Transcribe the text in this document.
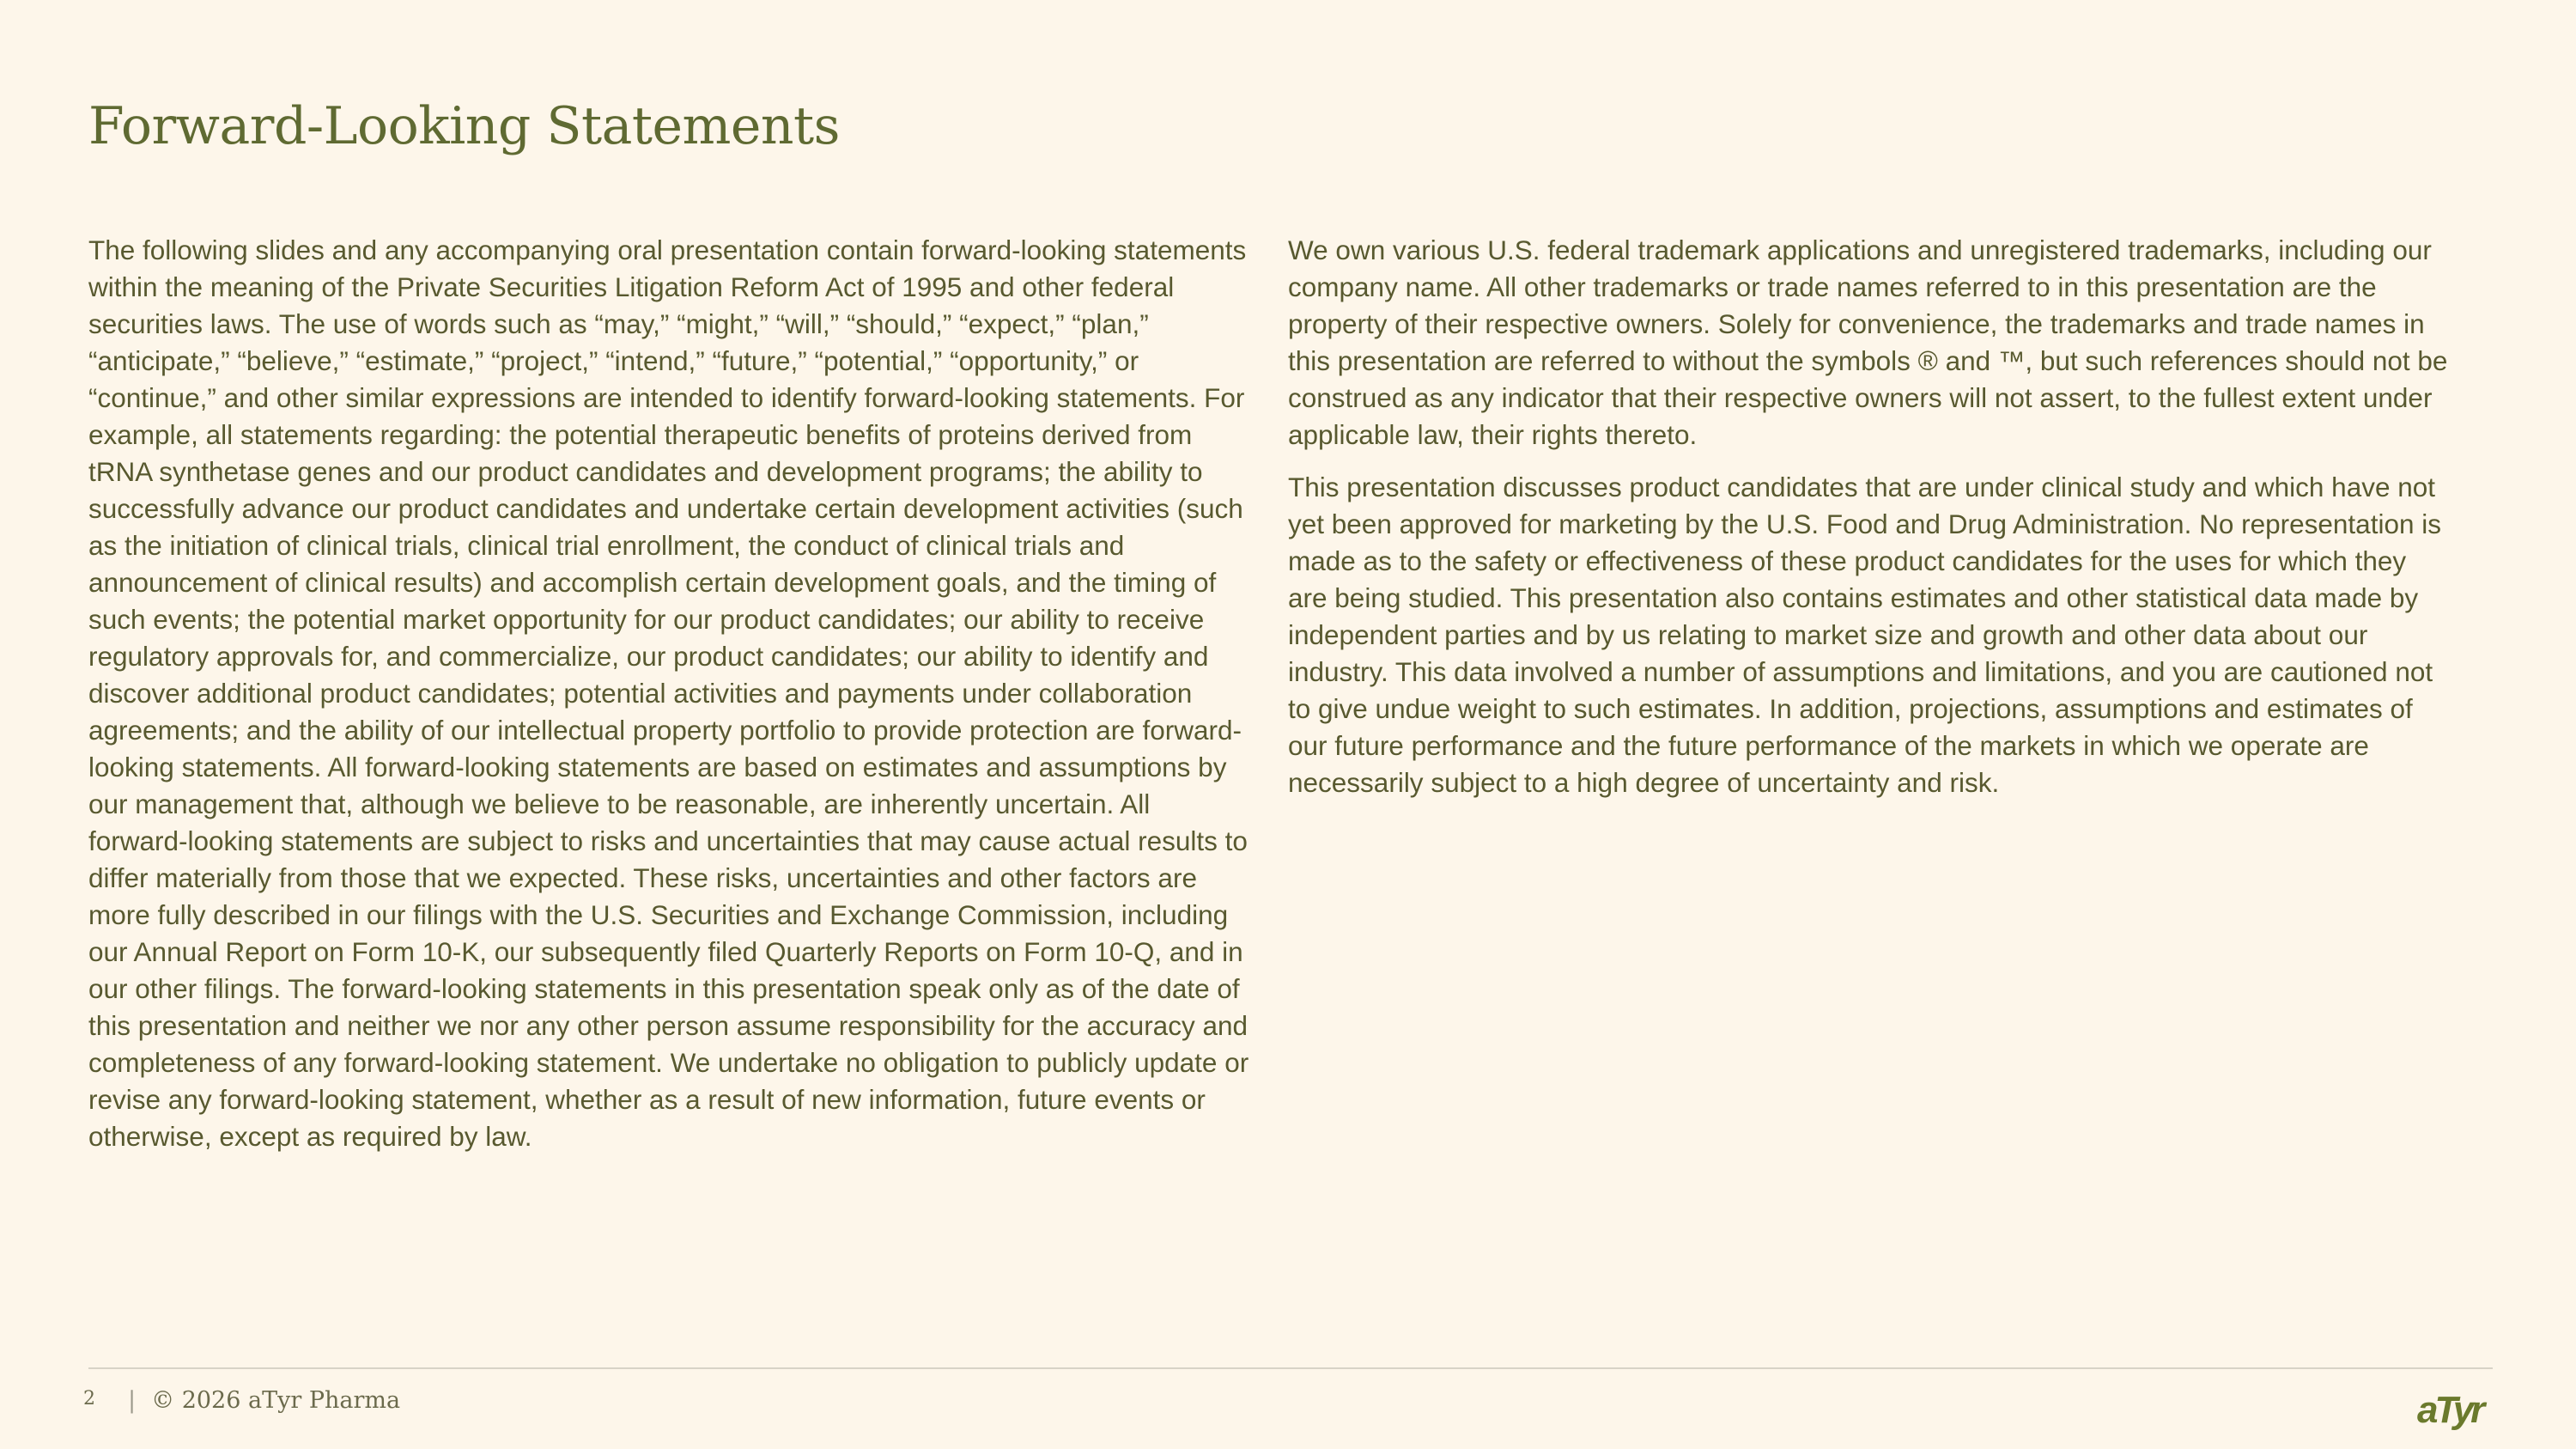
Forward-Looking Statements

The following slides and any accompanying oral presentation contain forward-looking statements within the meaning of the Private Securities Litigation Reform Act of 1995 and other federal securities laws. The use of words such as “may,” “might,” “will,” “should,” “expect,” “plan,” “anticipate,” “believe,” “estimate,” “project,” “intend,” “future,” “potential,” “opportunity,” or “continue,” and other similar expressions are intended to identify forward-looking statements. For example, all statements regarding: the potential therapeutic benefits of proteins derived from tRNA synthetase genes and our product candidates and development programs; the ability to successfully advance our product candidates and undertake certain development activities (such as the initiation of clinical trials, clinical trial enrollment, the conduct of clinical trials and announcement of clinical results) and accomplish certain development goals, and the timing of such events; the potential market opportunity for our product candidates; our ability to receive regulatory approvals for, and commercialize, our product candidates; our ability to identify and discover additional product candidates; potential activities and payments under collaboration agreements; and the ability of our intellectual property portfolio to provide protection are forward-looking statements. All forward-looking statements are based on estimates and assumptions by our management that, although we believe to be reasonable, are inherently uncertain. All forward-looking statements are subject to risks and uncertainties that may cause actual results to differ materially from those that we expected. These risks, uncertainties and other factors are more fully described in our filings with the U.S. Securities and Exchange Commission, including our Annual Report on Form 10-K, our subsequently filed Quarterly Reports on Form 10-Q, and in our other filings. The forward-looking statements in this presentation speak only as of the date of this presentation and neither we nor any other person assume responsibility for the accuracy and completeness of any forward-looking statement. We undertake no obligation to publicly update or revise any forward-looking statement, whether as a result of new information, future events or otherwise, except as required by law.

We own various U.S. federal trademark applications and unregistered trademarks, including our company name. All other trademarks or trade names referred to in this presentation are the property of their respective owners. Solely for convenience, the trademarks and trade names in this presentation are referred to without the symbols ® and ™, but such references should not be construed as any indicator that their respective owners will not assert, to the fullest extent under applicable law, their rights thereto.

This presentation discusses product candidates that are under clinical study and which have not yet been approved for marketing by the U.S. Food and Drug Administration. No representation is made as to the safety or effectiveness of these product candidates for the uses for which they are being studied. This presentation also contains estimates and other statistical data made by independent parties and by us relating to market size and growth and other data about our industry. This data involved a number of assumptions and limitations, and you are cautioned not to give undue weight to such estimates. In addition, projections, assumptions and estimates of our future performance and the future performance of the markets in which we operate are necessarily subject to a high degree of uncertainty and risk.

2 | © 2026 aTyr Pharma	aTyr
